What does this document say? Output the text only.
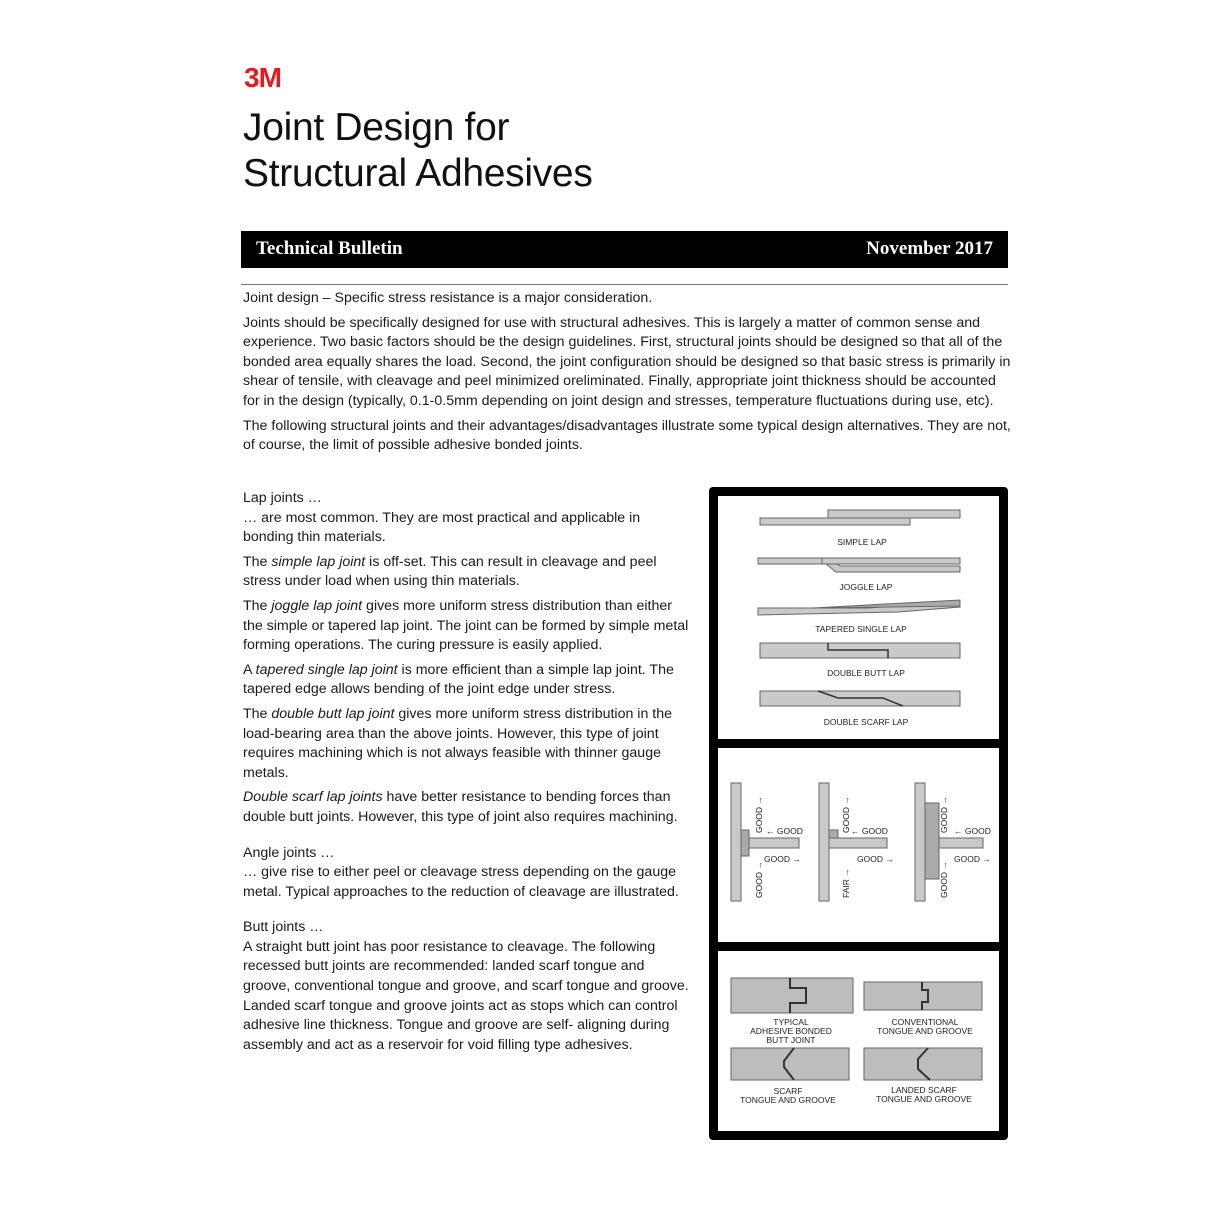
3M
Joint Design for
Structural Adhesives
Technical Bulletin	November 2017

Joint design – Specific stress resistance is a major consideration.

Joints should be specifically designed for use with structural adhesives. This is largely a matter of common sense and experience. Two basic factors should be the design guidelines. First, structural joints should be designed so that all of the bonded area equally shares the load. Second, the joint configuration should be designed so that basic stress is primarily in shear of tensile, with cleavage and peel minimized oreliminated. Finally, appropriate joint thickness should be accounted for in the design (typically, 0.1-0.5mm depending on joint design and stresses, temperature fluctuations during use, etc).

The following structural joints and their advantages/disadvantages illustrate some typical design alternatives. They are not, of course, the limit of possible adhesive bonded joints.

Lap joints …
… are most common. They are most practical and applicable in bonding thin materials.

The simple lap joint is off-set. This can result in cleavage and peel stress under load when using thin materials.

The joggle lap joint gives more uniform stress distribution than either the simple or tapered lap joint. The joint can be formed by simple metal forming operations. The curing pressure is easily applied.

A tapered single lap joint is more efficient than a simple lap joint. The tapered edge allows bending of the joint edge under stress.

The double butt lap joint gives more uniform stress distribution in the load-bearing area than the above joints. However, this type of joint requires machining which is not always feasible with thinner gauge metals.

Double scarf lap joints have better resistance to bending forces than double butt joints. However, this type of joint also requires machining.

Angle joints …
… give rise to either peel or cleavage stress depending on the gauge metal. Typical approaches to the reduction of cleavage are illustrated.

Butt joints …
A straight butt joint has poor resistance to cleavage. The following recessed butt joints are recommended: landed scarf tongue and groove, conventional tongue and groove, and scarf tongue and groove. Landed scarf tongue and groove joints act as stops which can control adhesive line thickness. Tongue and groove are self- aligning during assembly and act as a reservoir for void filling type adhesives.

SIMPLE LAP
JOGGLE LAP
TAPERED SINGLE LAP
DOUBLE BUTT LAP
DOUBLE SCARF LAP
GOOD →
GOOD →
← GOOD
GOOD →
GOOD →
FAIR →
← GOOD
GOOD →
GOOD →
GOOD →
← GOOD
GOOD →
TYPICAL
ADHESIVE BONDED
BUTT JOINT
CONVENTIONAL
TONGUE AND GROOVE
SCARF
TONGUE AND GROOVE
LANDED SCARF
TONGUE AND GROOVE
